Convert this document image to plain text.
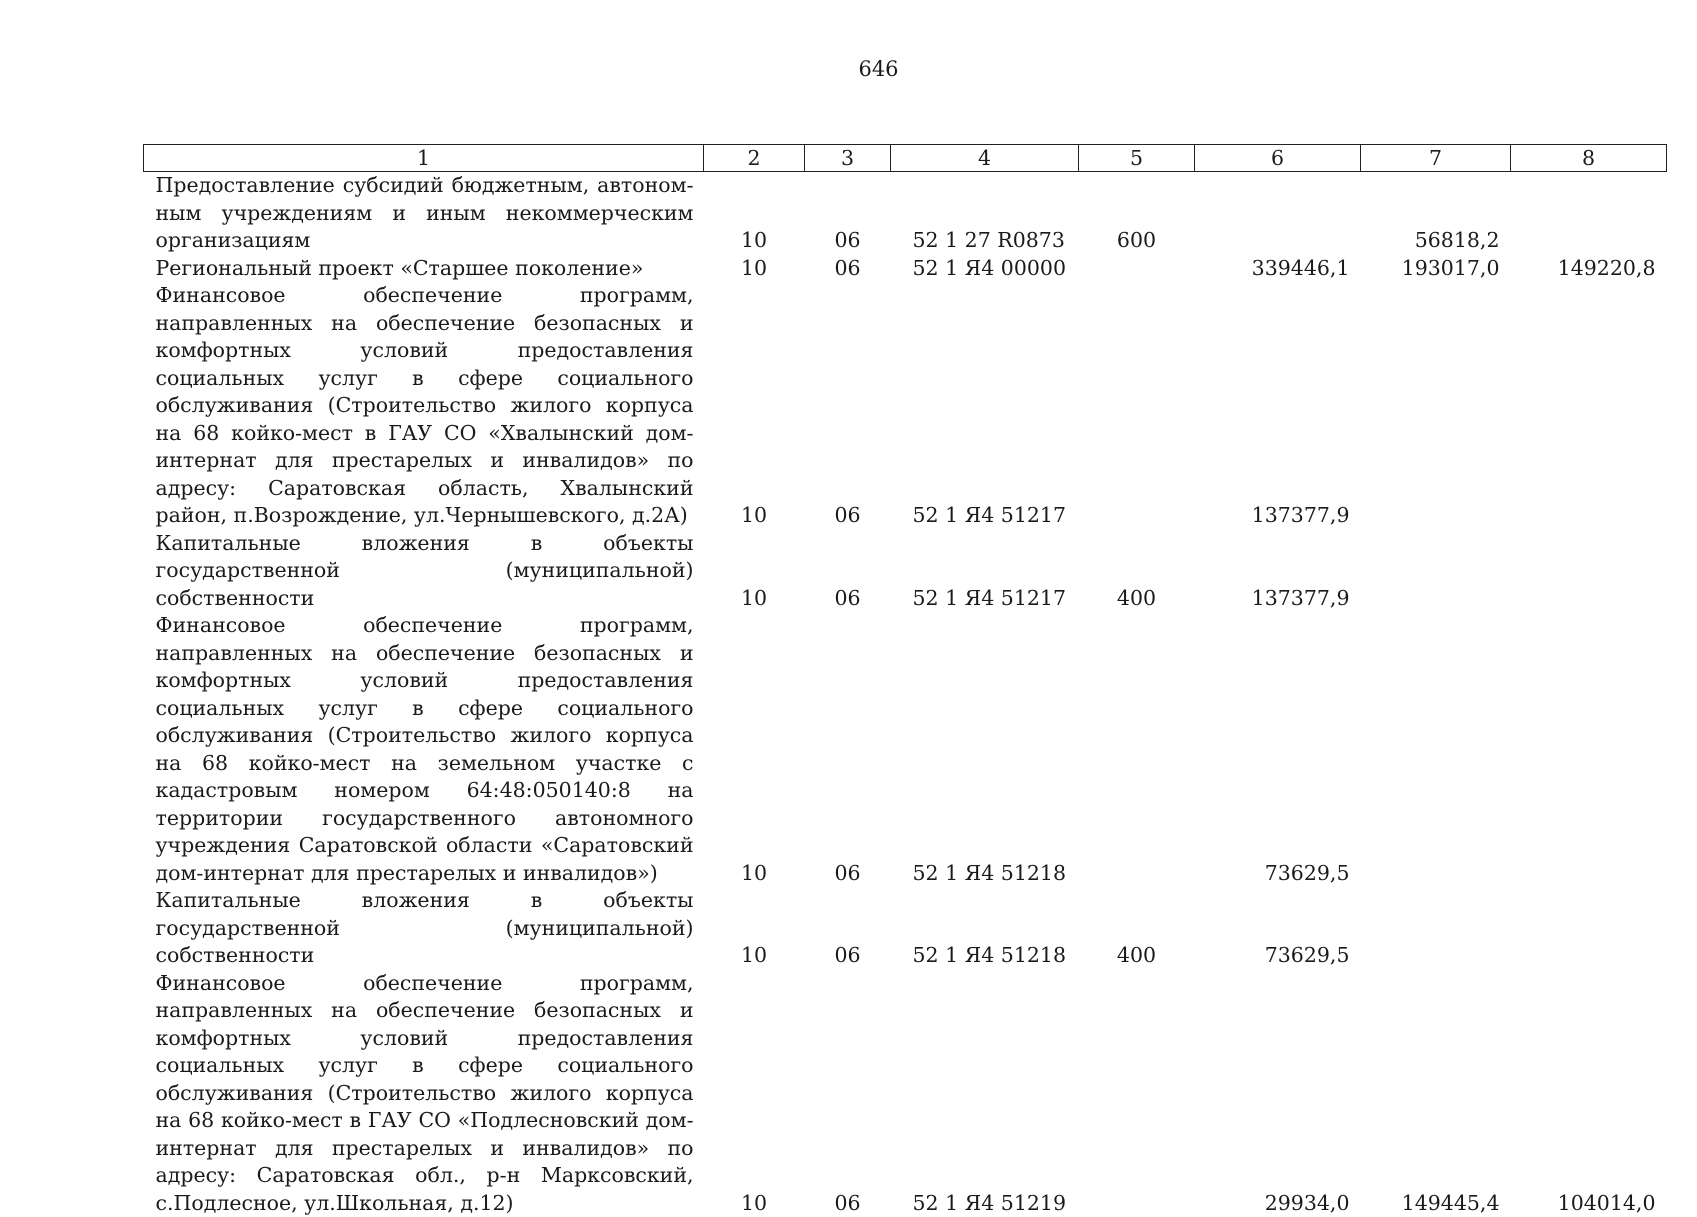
646
1	2	3	4	5	6	7	8
Предоставление субсидий бюджетным, автономным учреждениям и иным некоммерческим организациям	10	06	52 1 27 R0873	600		56818,2	
Региональный проект «Старшее поколение»	10	06	52 1 Я4 00000		339446,1	193017,0	149220,8
Финансовое обеспечение программ, направленных на обеспечение безопасных и комфортных условий предоставления социальных услуг в сфере социального обслуживания (Строительство жилого корпуса на 68 койко-мест в ГАУ СО «Хвалынский дом-интернат для престарелых и инвалидов» по адресу: Саратовская область, Хвалынский район, п.Возрождение, ул.Чернышевского, д.2А)	10	06	52 1 Я4 51217		137377,9		
Капитальные вложения в объекты государственной (муниципальной) собственности	10	06	52 1 Я4 51217	400	137377,9		
Финансовое обеспечение программ, направленных на обеспечение безопасных и комфортных условий предоставления социальных услуг в сфере социального обслуживания (Строительство жилого корпуса на 68 койко-мест на земельном участке с кадастровым номером 64:48:050140:8 на территории государственного автономного учреждения Саратовской области «Саратовский дом-интернат для престарелых и инвалидов»)	10	06	52 1 Я4 51218		73629,5		
Капитальные вложения в объекты государственной (муниципальной) собственности	10	06	52 1 Я4 51218	400	73629,5		
Финансовое обеспечение программ, направленных на обеспечение безопасных и комфортных условий предоставления социальных услуг в сфере социального обслуживания (Строительство жилого корпуса на 68 койко-мест в ГАУ СО «Подлесновский дом-интернат для престарелых и инвалидов» по адресу: Саратовская обл., р-н Марксовский, с.Подлесное, ул.Школьная, д.12)	10	06	52 1 Я4 51219		29934,0	149445,4	104014,0
